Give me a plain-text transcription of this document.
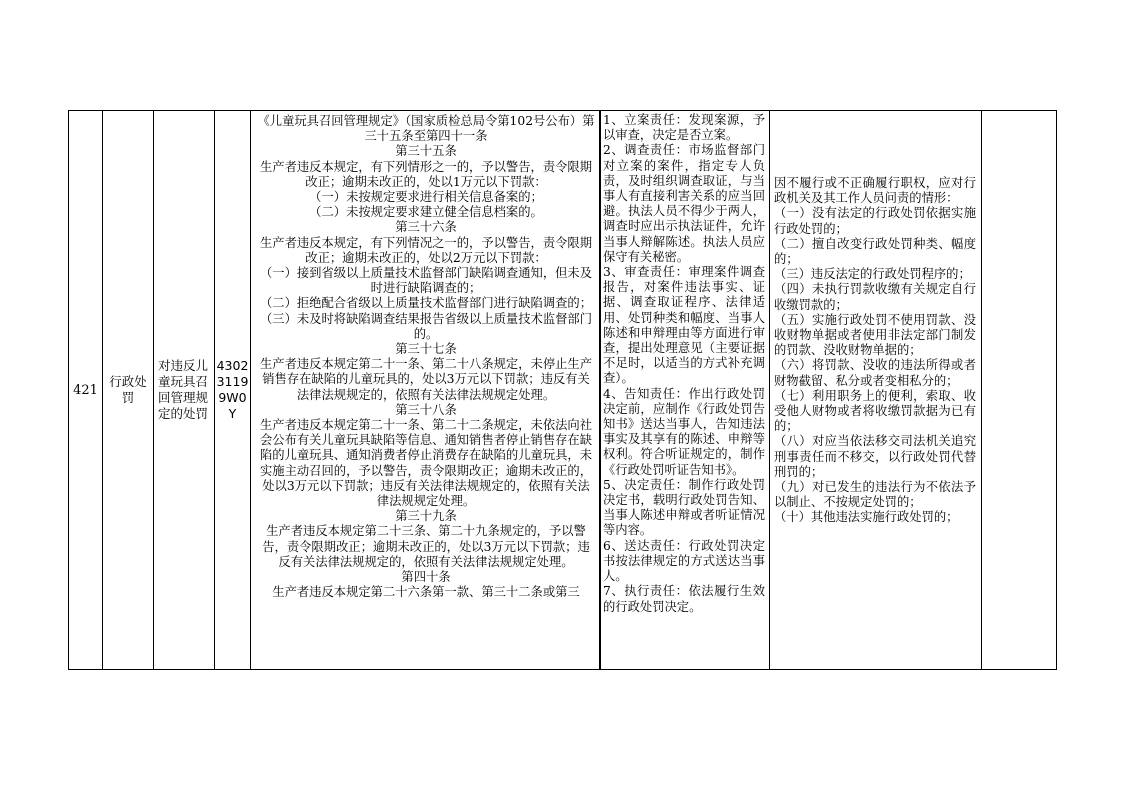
421
行政处罚
对违反儿童玩具召回管理规定的处罚
43023119 9W0Y

《儿童玩具召回管理规定》（国家质检总局令第102号公布）第三十五条至第四十一条

第三十五条

生产者违反本规定，有下列情形之一的，予以警告，责令限期改正；逾期未改正的，处以1万元以下罚款：

（一）未按规定要求进行相关信息备案的；

（二）未按规定要求建立健全信息档案的。

第三十六条

生产者违反本规定，有下列情况之一的，予以警告，责令限期改正；逾期未改正的，处以2万元以下罚款：

（一）接到省级以上质量技术监督部门缺陷调查通知，但未及时进行缺陷调查的；

（二）拒绝配合省级以上质量技术监督部门进行缺陷调查的；

（三）未及时将缺陷调查结果报告省级以上质量技术监督部门的。

第三十七条

生产者违反本规定第二十一条、第二十八条规定，未停止生产销售存在缺陷的儿童玩具的，处以3万元以下罚款；违反有关法律法规规定的，依照有关法律法规规定处理。

第三十八条

生产者违反本规定第二十一条、第二十二条规定，未依法向社会公布有关儿童玩具缺陷等信息、通知销售者停止销售存在缺陷的儿童玩具、通知消费者停止消费存在缺陷的儿童玩具，未实施主动召回的，予以警告，责令限期改正；逾期未改正的，处以3万元以下罚款；违反有关法律法规规定的，依照有关法律法规规定处理。

第三十九条

生产者违反本规定第二十三条、第二十九条规定的，予以警告，责令限期改正；逾期未改正的，处以3万元以下罚款；违反有关法律法规规定的，依照有关法律法规规定处理。

第四十条

生产者违反本规定第二十六条第一款、第三十二条或第三

1、立案责任：发现案源，予以审查，决定是否立案。

2、调查责任：市场监督部门对立案的案件，指定专人负责，及时组织调查取证，与当事人有直接利害关系的应当回避。执法人员不得少于两人，调查时应出示执法证件，允许当事人辩解陈述。执法人员应保守有关秘密。

3、审查责任：审理案件调查报告，对案件违法事实、证据、调查取证程序、法律适用、处罚种类和幅度、当事人陈述和申辩理由等方面进行审查，提出处理意见（主要证据不足时，以适当的方式补充调查）。

4、告知责任：作出行政处罚决定前，应制作《行政处罚告知书》送达当事人，告知违法事实及其享有的陈述、申辩等权利。符合听证规定的，制作《行政处罚听证告知书》。

5、决定责任：制作行政处罚决定书，载明行政处罚告知、当事人陈述申辩或者听证情况等内容。

6、送达责任：行政处罚决定书按法律规定的方式送达当事人。

7、执行责任：依法履行生效的行政处罚决定。

因不履行或不正确履行职权，应对行政机关及其工作人员问责的情形：

（一）没有法定的行政处罚依据实施行政处罚的；

（二）擅自改变行政处罚种类、幅度的；

（三）违反法定的行政处罚程序的；

（四）未执行罚款收缴有关规定自行收缴罚款的；

（五）实施行政处罚不使用罚款、没收财物单据或者使用非法定部门制发的罚款、没收财物单据的；

（六）将罚款、没收的违法所得或者财物截留、私分或者变相私分的；

（七）利用职务上的便利，索取、收受他人财物或者将收缴罚款据为已有的；

（八）对应当依法移交司法机关追究刑事责任而不移交，以行政处罚代替刑罚的；

（九）对已发生的违法行为不依法予以制止、不按规定处罚的；

（十）其他违法实施行政处罚的；
